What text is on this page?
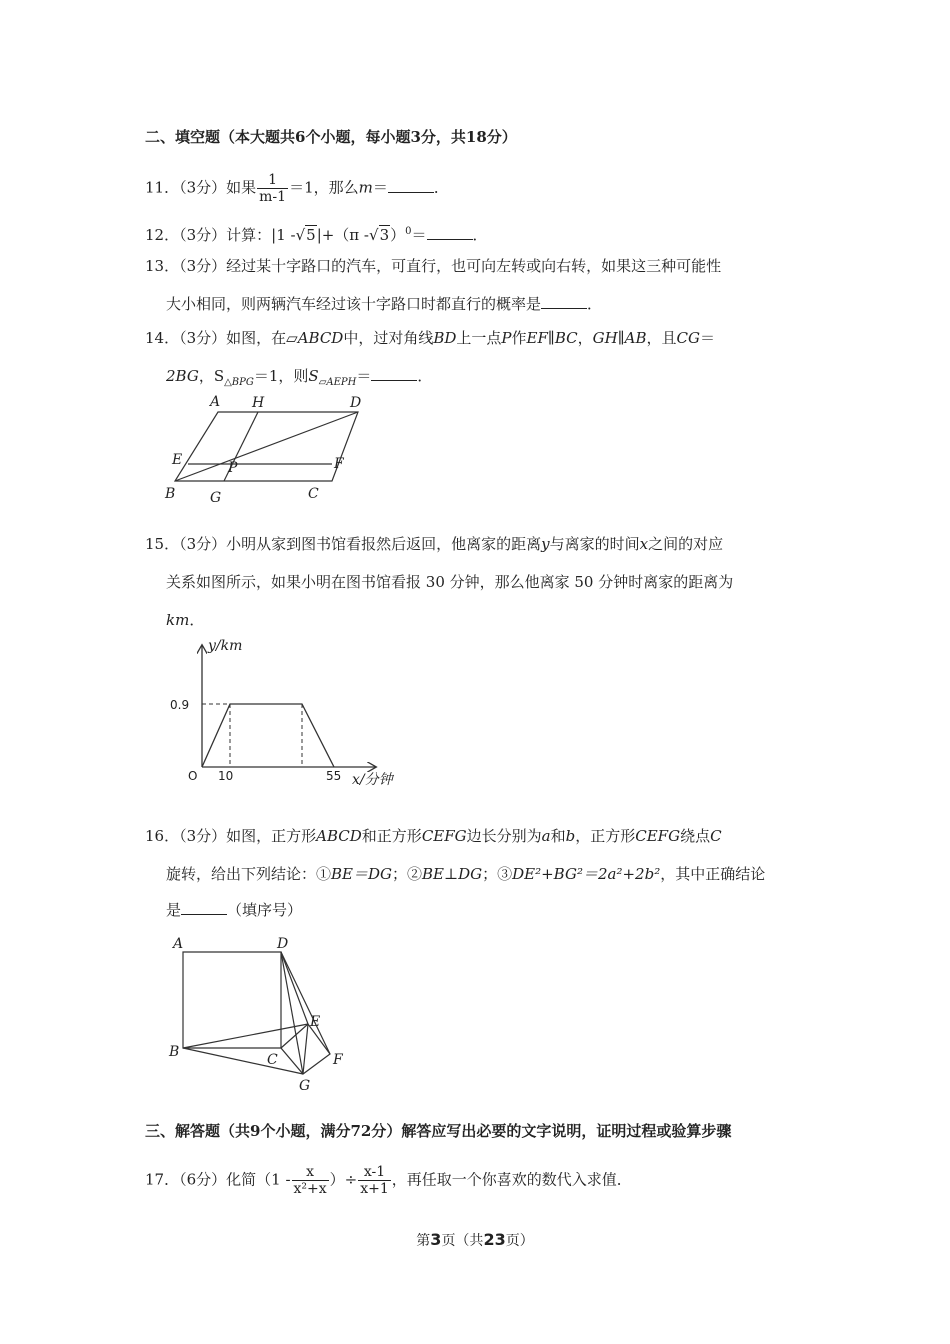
二、填空题（本大题共6个小题，每小题3分，共18分）
11．（3分）如果 $\frac{1}{m-1} =1$，那么m＝	．
12．（3分）计算：|1 -√5|+（π -√3）$^0$＝	．
13．（3分）经过某十字路口的汽车，可直行，也可向左转或向右转，如果这三种可能性
大小相同，则两辆汽车经过该十字路口时都直行的概率是	．
14．（3分）如图，在▱ABCD中，过对角线BD上一点P作EF∥BC，GH∥AB，且CG＝
2BG，$S_{\triangle BPG}=1$，则$S_{▱AEPH}=$	．
A H	D
E	P	F
B G	C
15．（3分）小明从家到图书馆看报然后返回，他离家的距离y与离家的时间x之间的对应
关系如图所示，如果小明在图书馆看报 30 分钟，那么他离家 50 分钟时离家的距离为
km．
y/km
0.9
O 10	55 x/分钟
16．（3分）如图，正方形ABCD和正方形CEFG边长分别为a和b，正方形CEFG绕点C
旋转，给出下列结论：①BE＝DG；②BE⊥DG；③DE²+BG²＝2a²+2b²，其中正确结论
是	（填序号）
A	D
E
B	C	F
G
三、解答题（共9个小题，满分72分）解答应写出必要的文字说明，证明过程或验算步骤
17．（6分）化简（$1 - \frac{x}{\text{x²+x}}$ ）÷ $\frac{x-1}{x+1}$ ，再任取一个你喜欢的数代入求值．
第3页（共23页）
